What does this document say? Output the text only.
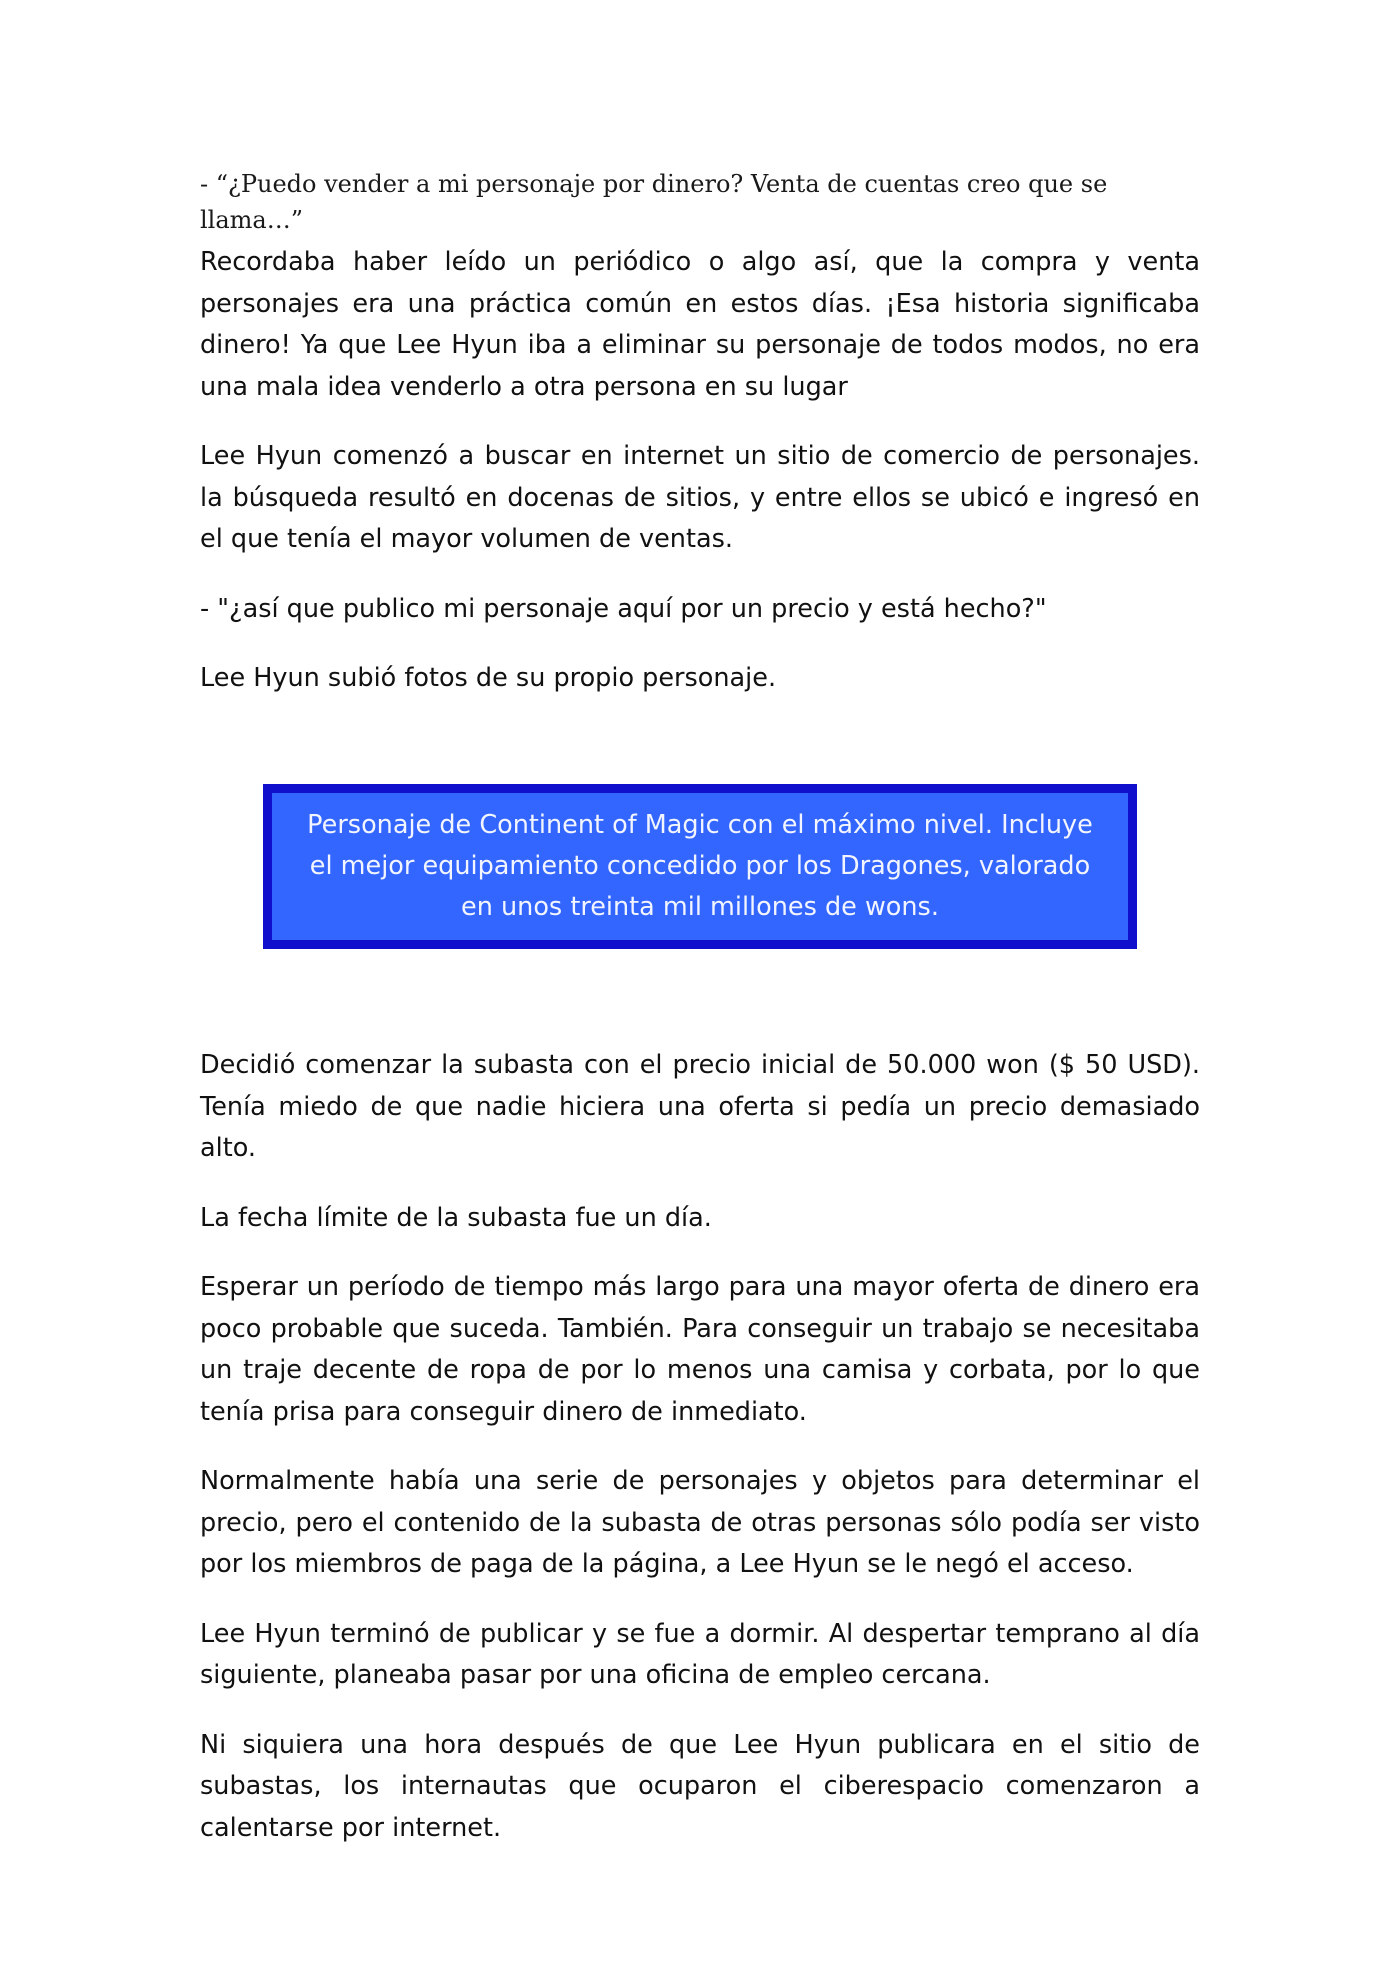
- “¿Puedo vender a mi personaje por dinero? Venta de cuentas creo que se llama…”

Recordaba haber leído un periódico o algo así, que la compra y venta personajes era una práctica común en estos días. ¡Esa historia significaba dinero! Ya que Lee Hyun iba a eliminar su personaje de todos modos, no era una mala idea venderlo a otra persona en su lugar

Lee Hyun comenzó a buscar en internet un sitio de comercio de personajes. la búsqueda resultó en docenas de sitios, y entre ellos se ubicó e ingresó en el que tenía el mayor volumen de ventas.

- "¿así que publico mi personaje aquí por un precio y está hecho?"

Lee Hyun subió fotos de su propio personaje.

Personaje de Continent of Magic con el máximo nivel. Incluye el mejor equipamiento concedido por los Dragones, valorado en unos treinta mil millones de wons.

Decidió comenzar la subasta con el precio inicial de 50.000 won ($ 50 USD). Tenía miedo de que nadie hiciera una oferta si pedía un precio demasiado alto.

La fecha límite de la subasta fue un día.

Esperar un período de tiempo más largo para una mayor oferta de dinero era poco probable que suceda. También. Para conseguir un trabajo se necesitaba un traje decente de ropa de por lo menos una camisa y corbata, por lo que tenía prisa para conseguir dinero de inmediato.

Normalmente había una serie de personajes y objetos para determinar el precio, pero el contenido de la subasta de otras personas sólo podía ser visto por los miembros de paga de la página, a Lee Hyun se le negó el acceso.

Lee Hyun terminó de publicar y se fue a dormir. Al despertar temprano al día siguiente, planeaba pasar por una oficina de empleo cercana.

Ni siquiera una hora después de que Lee Hyun publicara en el sitio de subastas, los internautas que ocuparon el ciberespacio comenzaron a calentarse por internet.
